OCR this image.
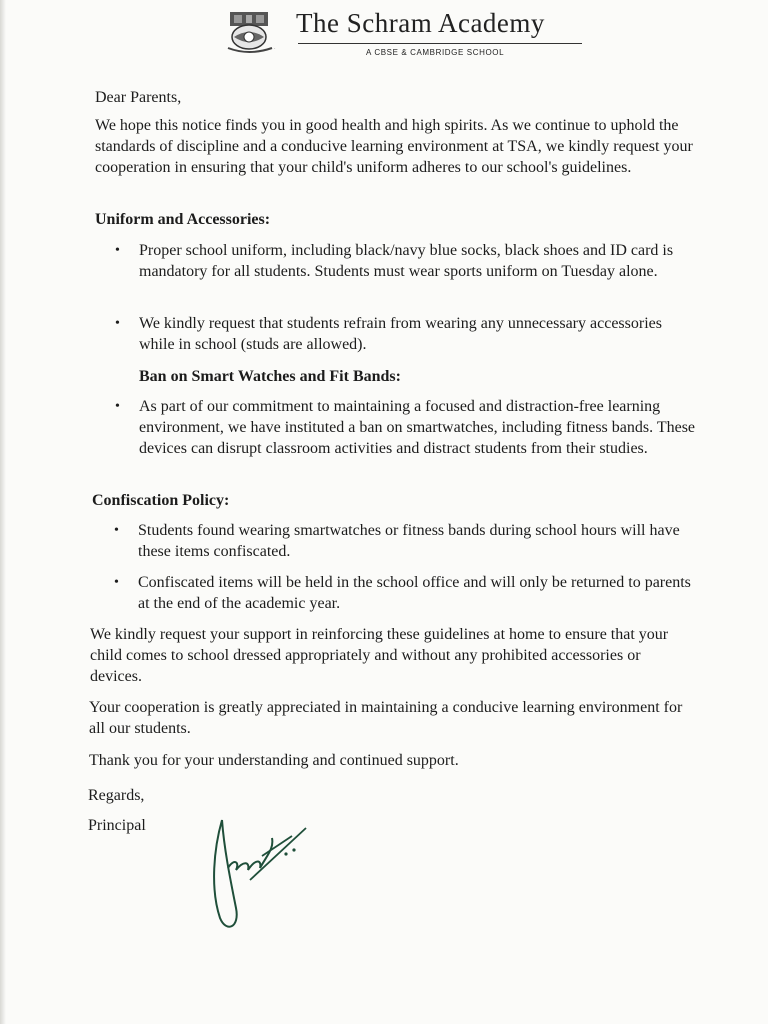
·
The Schram Academy
A CBSE & CAMBRIDGE SCHOOL

Dear Parents,

We hope this notice finds you in good health and high spirits. As we continue to uphold the standards of discipline and a conducive learning environment at TSA, we kindly request your cooperation in ensuring that your child's uniform adheres to our school's guidelines.

Uniform and Accessories:

• Proper school uniform, including black/navy blue socks, black shoes and ID card is mandatory for all students. Students must wear sports uniform on Tuesday alone.
• We kindly request that students refrain from wearing any unnecessary accessories while in school (studs are allowed).

Ban on Smart Watches and Fit Bands:

• As part of our commitment to maintaining a focused and distraction-free learning environment, we have instituted a ban on smartwatches, including fitness bands. These devices can disrupt classroom activities and distract students from their studies.

Confiscation Policy:

• Students found wearing smartwatches or fitness bands during school hours will have these items confiscated.
• Confiscated items will be held in the school office and will only be returned to parents at the end of the academic year.

We kindly request your support in reinforcing these guidelines at home to ensure that your child comes to school dressed appropriately and without any prohibited accessories or devices.

Your cooperation is greatly appreciated in maintaining a conducive learning environment for all our students.

Thank you for your understanding and continued support.

Regards,

Principal
